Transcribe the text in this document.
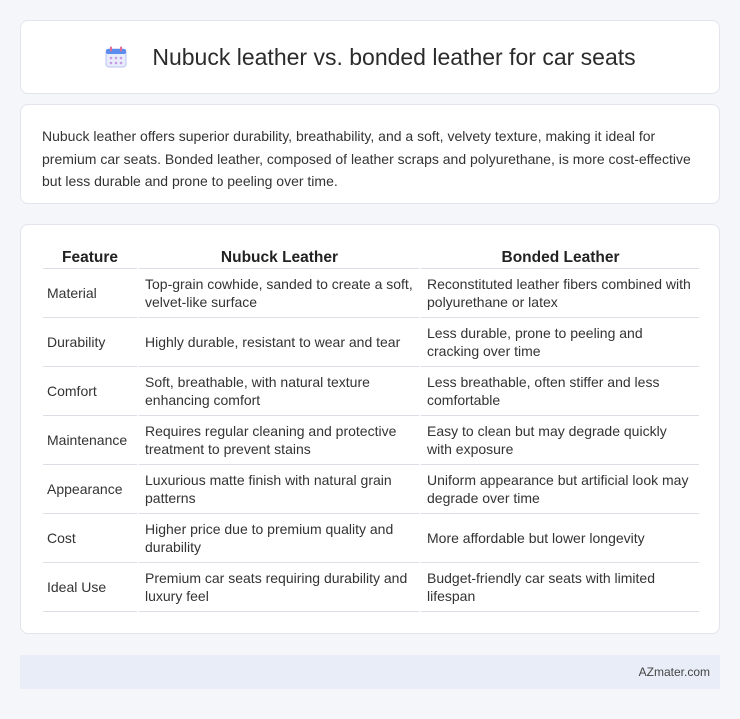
Nubuck leather vs. bonded leather for car seats

Nubuck leather offers superior durability, breathability, and a soft, velvety texture, making it ideal for premium car seats. Bonded leather, composed of leather scraps and polyurethane, is more cost-effective but less durable and prone to peeling over time.

Feature	Nubuck Leather	Bonded Leather
Material	Top-grain cowhide, sanded to create a soft, velvet-like surface	Reconstituted leather fibers combined with polyurethane or latex
Durability	Highly durable, resistant to wear and tear	Less durable, prone to peeling and cracking over time
Comfort	Soft, breathable, with natural texture enhancing comfort	Less breathable, often stiffer and less comfortable
Maintenance	Requires regular cleaning and protective treatment to prevent stains	Easy to clean but may degrade quickly with exposure
Appearance	Luxurious matte finish with natural grain patterns	Uniform appearance but artificial look may degrade over time
Cost	Higher price due to premium quality and durability	More affordable but lower longevity
Ideal Use	Premium car seats requiring durability and luxury feel	Budget-friendly car seats with limited lifespan
AZmater.com
